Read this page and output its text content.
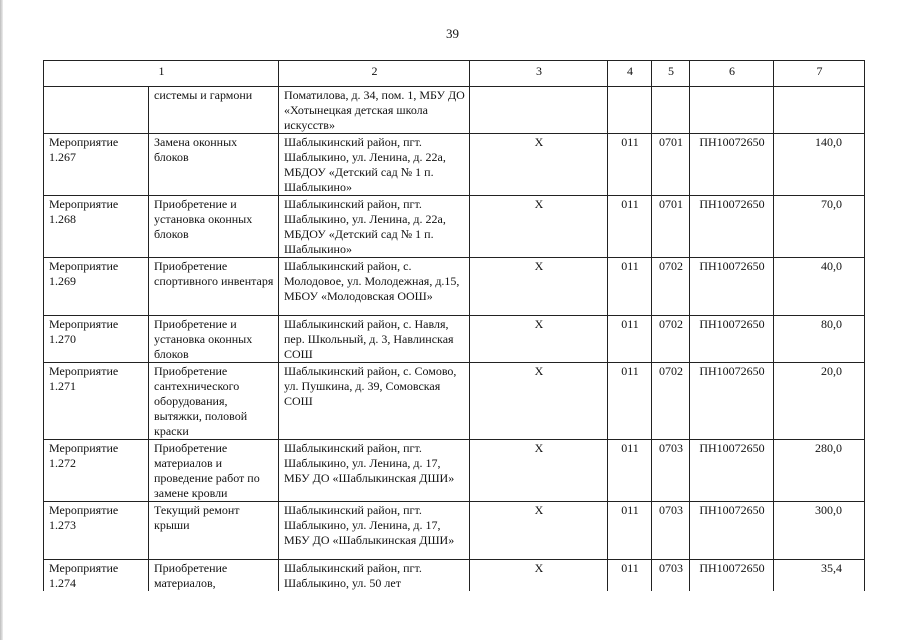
39
1		2	3	4	5	6	7
	системы и гармони	Поматилова, д. 34, пом. 1, МБУ ДО «Хотынецкая детская школа искусств»					
Мероприятие 1.267	Замена оконных блоков	Шаблыкинский район, пгт. Шаблыкино, ул. Ленина, д. 22а, МБДОУ «Детский сад № 1 п. Шаблыкино»	Х	011	0701	ПН10072650	140,0
Мероприятие 1.268	Приобретение и установка оконных блоков	Шаблыкинский район, пгт. Шаблыкино, ул. Ленина, д. 22а, МБДОУ «Детский сад № 1 п. Шаблыкино»	Х	011	0701	ПН10072650	70,0
Мероприятие 1.269	Приобретение спортивного инвентаря	Шаблыкинский район, с. Молодовое, ул. Молодежная, д.15, МБОУ «Молодовская ООШ»	Х	011	0702	ПН10072650	40,0
Мероприятие 1.270	Приобретение и установка оконных блоков	Шаблыкинский район, с. Навля, пер. Школьный, д. 3, Навлинская СОШ	Х	011	0702	ПН10072650	80,0
Мероприятие 1.271	Приобретение сантехнического оборудования, вытяжки, половой краски	Шаблыкинский район, с. Сомово, ул. Пушкина, д. 39, Сомовская СОШ	Х	011	0702	ПН10072650	20,0
Мероприятие 1.272	Приобретение материалов и проведение работ по замене кровли	Шаблыкинский район, пгт. Шаблыкино, ул. Ленина, д. 17, МБУ ДО «Шаблыкинская ДШИ»	Х	011	0703	ПН10072650	280,0
Мероприятие 1.273	Текущий ремонт крыши	Шаблыкинский район, пгт. Шаблыкино, ул. Ленина, д. 17, МБУ ДО «Шаблыкинская ДШИ»	Х	011	0703	ПН10072650	300,0
Мероприятие 1.274	Приобретение материалов,	Шаблыкинский район, пгт. Шаблыкино, ул. 50 лет	Х	011	0703	ПН10072650	35,4
